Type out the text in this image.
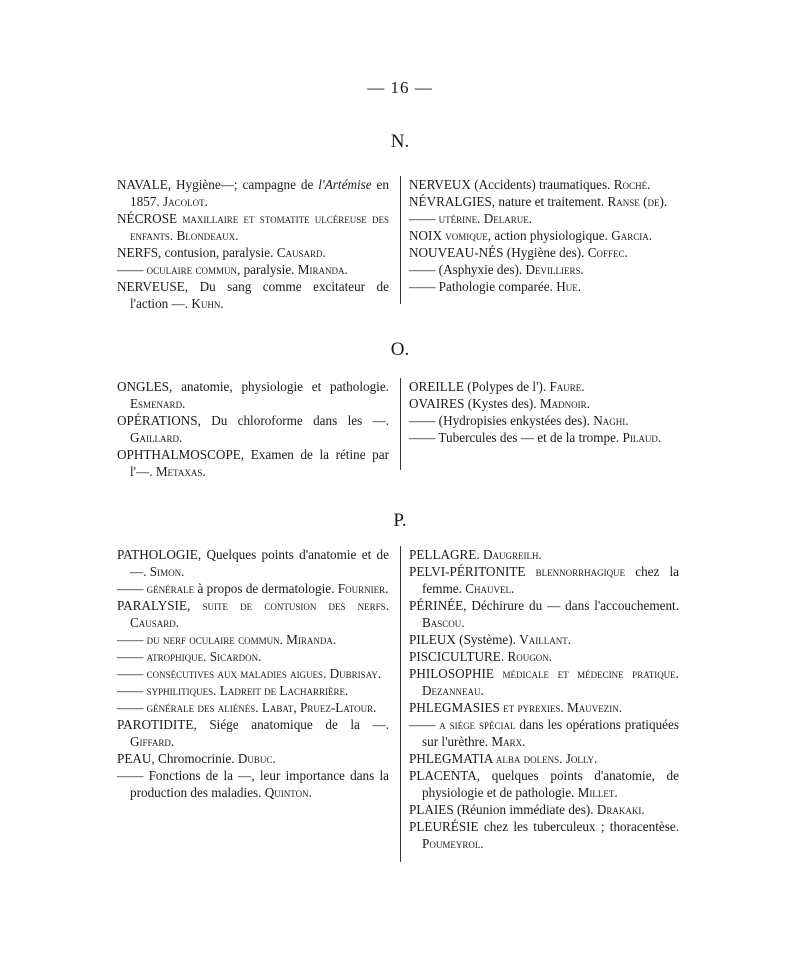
— 16 —
N.
NAVALE, Hygiène—; campagne de l'Artémise en 1857. Jacolot.
NÉCROSE maxillaire et stomatite ulcéreuse des enfants. Blondeaux.
NERFS, contusion, paralysie. Causard.
—— oculaire commun, paralysie. Miranda.
NERVEUSE, Du sang comme excitateur de l'action —. Kuhn.
NERVEUX (Accidents) traumatiques. Roché.
NÉVRALGIES, nature et traitement. Ranse (de).
—— utérine. Delarue.
NOIX vomique, action physiologique. Garcia.
NOUVEAU-NÉS (Hygiène des). Coffec.
—— (Asphyxie des). Devilliers.
—— Pathologie comparée. Hue.
O.
ONGLES, anatomie, physiologie et pathologie. Esmenard.
OPÉRATIONS, Du chloroforme dans les —. Gaillard.
OPHTHALMOSCOPE, Examen de la rétine par l'—. Metaxas.
OREILLE (Polypes de l'). Faure.
OVAIRES (Kystes des). Madnoir.
—— (Hydropisies enkystées des). Naghi.
—— Tubercules des — et de la trompe. Pilaud.
P.
PATHOLOGIE, Quelques points d'anatomie et de—. Simon.
—— générale à propos de dermatologie. Fournier.
PARALYSIE, suite de contusion des nerfs. Causard.
—— du nerf oculaire commun. Miranda.
—— atrophique. Sicardon.
—— consécutives aux maladies aigues. Dubrisay.
—— syphilitiques. Ladreit de Lacharrière.
—— générale des aliénés. Labat, Pruez-Latour.
PAROTIDITE, Siége anatomique de la —. Giffard.
PEAU, Chromocrinie. Dubuc.
—— Fonctions de la —, leur importance dans la production des maladies. Quinton.
PELLAGRE. Daugreilh.
PELVI-PÉRITONITE blennorrhagique chez la femme. Chauvel.
PÉRINÉE, Déchirure du — dans l'accouchement. Bascou.
PILEUX (Système). Vaillant.
PISCICULTURE. Rougon.
PHILOSOPHIE médicale et médecine pratique. Dezanneau.
PHLEGMASIES et pyrexies. Mauvezin.
—— a siége spécial dans les opérations pratiquées sur l'urèthre. Marx.
PHLEGMATIA alba dolens. Jolly.
PLACENTA, quelques points d'anatomie, de physiologie et de pathologie. Millet.
PLAIES (Réunion immédiate des). Drakaki.
PLEURÉSIE chez les tuberculeux ; thoracentèse. Poumeyrol.
